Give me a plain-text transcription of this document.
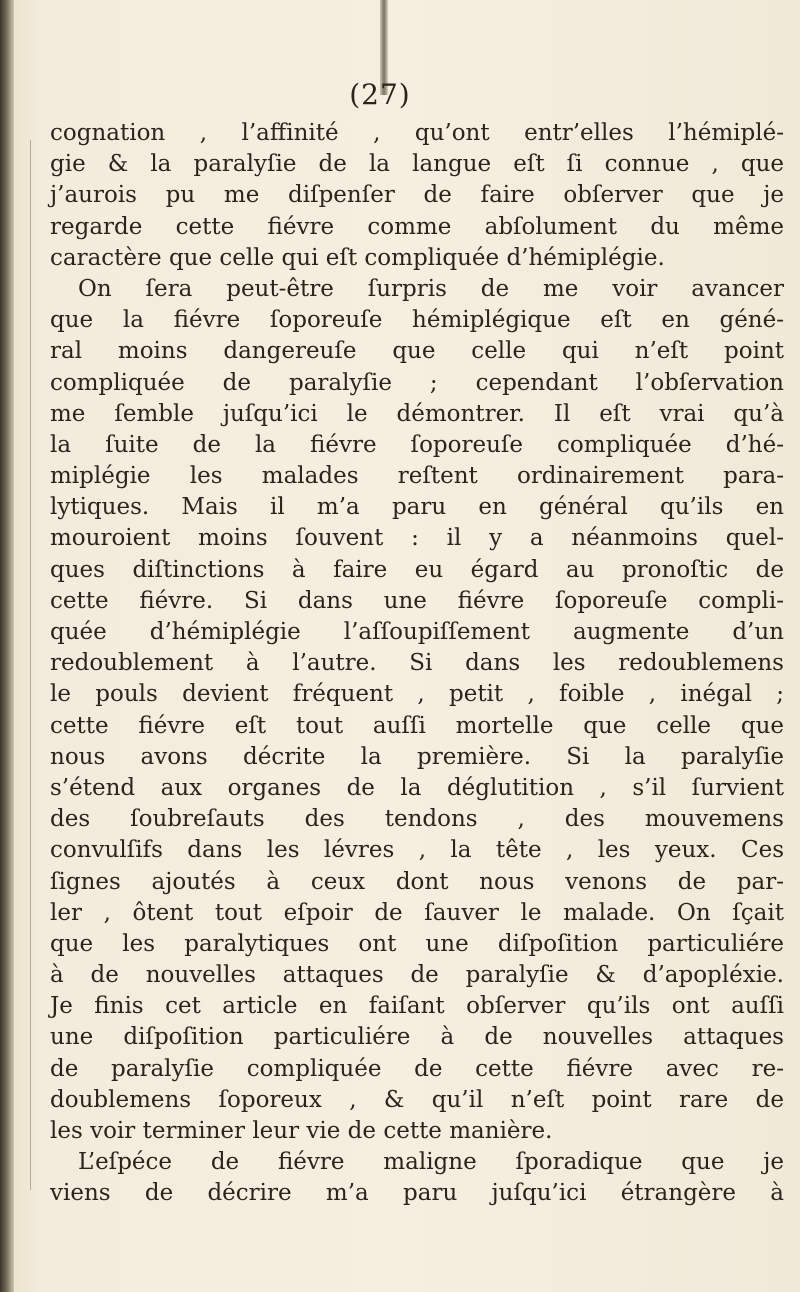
(27)
cognation , l’affinité , qu’ont entr’elles l’hémiplé-
gie & la paralyſie de la langue eſt ſi connue , que
j’aurois pu me diſpenſer de faire obſerver que je
regarde cette fiévre comme abſolument du même
caractère que celle qui eſt compliquée d’hémiplégie.
On ſera peut-être ſurpris de me voir avancer
que la fiévre ſoporeuſe hémiplégique eſt en géné-
ral moins dangereuſe que celle qui n’eſt point
compliquée de paralyſie ; cependant l’obſervation
me ſemble juſqu’ici le démontrer. Il eſt vrai qu’à
la ſuite de la fiévre ſoporeuſe compliquée d’hé-
miplégie les malades reſtent ordinairement para-
lytiques. Mais il m’a paru en général qu’ils en
mouroient moins ſouvent : il y a néanmoins quel-
ques diſtinctions à faire eu égard au pronoſtic de
cette fiévre. Si dans une fiévre ſoporeuſe compli-
quée d’hémiplégie l’aſſoupiſſement augmente d’un
redoublement à l’autre. Si dans les redoublemens
le pouls devient fréquent , petit , foible , inégal ;
cette fiévre eſt tout auſſi mortelle que celle que
nous avons décrite la première. Si la paralyſie
s’étend aux organes de la déglutition , s’il ſurvient
des ſoubreſauts des tendons , des mouvemens
convulſifs dans les lévres , la tête , les yeux. Ces
ſignes ajoutés à ceux dont nous venons de par-
ler , ôtent tout eſpoir de ſauver le malade. On ſçait
que les paralytiques ont une diſpoſition particuliére
à de nouvelles attaques de paralyſie & d’apopléxie.
Je finis cet article en faiſant obſerver qu’ils ont auſſi
une diſpoſition particuliére à de nouvelles attaques
de paralyſie compliquée de cette fiévre avec re-
doublemens ſoporeux , & qu’il n’eſt point rare de
les voir terminer leur vie de cette manière.
L’eſpéce de fiévre maligne ſporadique que je
viens de décrire m’a paru juſqu’ici étrangère à
